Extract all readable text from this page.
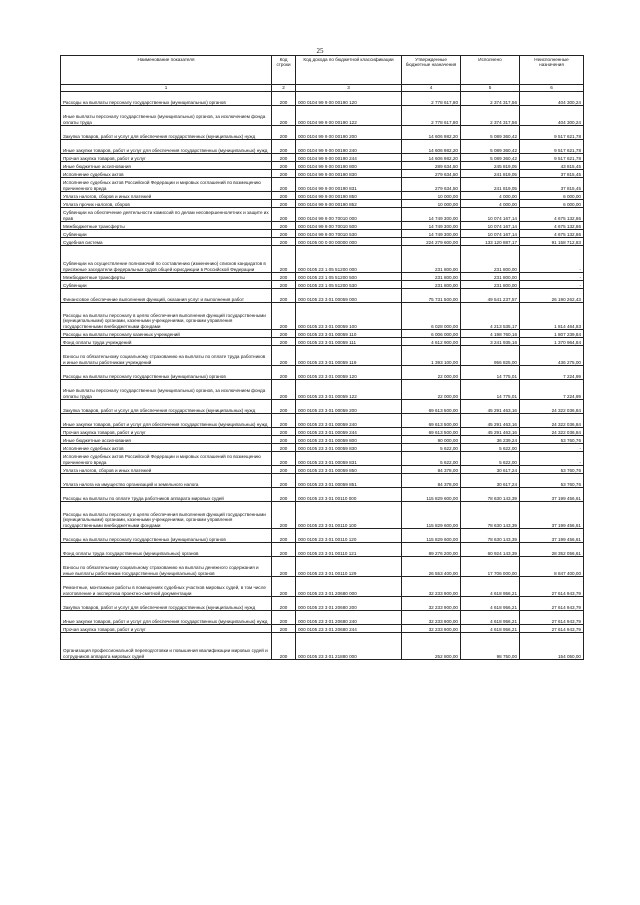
25
Наименование показателя	Код строки	Код дохода по бюджетной классификации	Утвержденные бюджетные назначения	Исполнено	Неисполненные назначения
1	2	3	4	5	6
Расходы на выплаты персоналу государственных (муниципальных) органов	200	000 0104 99 9 00 00190 120	2 778 617,80	2 374 317,56	404 300,24
Иные выплаты персоналу государственных (муниципальных) органов, за исключением фонда оплаты труда	200	000 0104 99 9 00 00190 122	2 778 617,80	2 374 317,56	404 300,24
Закупка товаров, работ и услуг для обеспечения государственных (муниципальных) нужд	200	000 0104 99 9 00 00190 200	14 606 982,20	5 089 360,42	9 517 621,78
Иные закупки товаров, работ и услуг для обеспечения государственных (муниципальных) нужд	200	000 0104 99 9 00 00190 240	14 606 982,20	5 089 360,42	9 517 621,78
Прочая закупка товаров, работ и услуг	200	000 0104 99 9 00 00190 244	14 606 982,20	5 089 360,42	9 517 621,78
Иные бюджетные ассигнования	200	000 0104 99 9 00 00190 800	289 634,50	245 819,05	43 815,45
Исполнение судебных актов	200	000 0104 99 9 00 00190 830	279 634,50	241 819,05	37 815,45
Исполнение судебных актов Российской Федерации и мировых соглашений по возмещению причиненного вреда	200	000 0104 99 9 00 00190 831	279 634,50	241 819,05	37 815,45
Уплата налогов, сборов и иных платежей	200	000 0104 99 9 00 00190 850	10 000,00	4 000,00	6 000,00
Уплата прочих налогов, сборов	200	000 0104 99 9 00 00190 852	10 000,00	4 000,00	6 000,00
Субвенции на обеспечение деятельности комиссий по делам несовершеннолетних и защите их прав	200	000 0104 99 9 00 70010 000	14 749 300,00	10 074 167,14	4 675 132,86
Межбюджетные трансферты	200	000 0104 99 9 00 70010 500	14 749 300,00	10 074 167,14	4 675 132,86
Субвенции	200	000 0104 99 9 00 70010 530	14 749 300,00	10 074 167,14	4 675 132,86
Судебная система	200	000 0105 00 0 00 00000 000	224 279 600,00	133 120 887,17	91 158 712,83
Субвенции на осуществление полномочий по составлению (изменению) списков кандидатов в присяжные заседатели федеральных судов общей юрисдикции в Российской Федерации	200	000 0105 23 1 05 51200 000	231 800,00	231 800,00	-
Межбюджетные трансферты	200	000 0105 23 1 05 51200 500	231 800,00	231 800,00	-
Субвенции	200	000 0105 23 1 05 51200 530	231 800,00	231 800,00	-
Финансовое обеспечение выполнения функций, оказания услуг и выполнения работ	200	000 0105 23 3 01 00059 000	75 731 500,00	49 541 237,57	26 190 262,43
Расходы на выплаты персоналу в целях обеспечения выполнения функций государственными (муниципальными) органами, казенными учреждениями, органами управления государственными внебюджетными фондами	200	000 0105 23 3 01 00059 100	6 028 000,00	4 213 535,17	1 814 464,83
Расходы на выплаты персоналу казенных учреждений	200	000 0105 23 3 01 00059 110	6 006 000,00	4 198 760,16	1 807 239,84
Фонд оплаты труда учреждений	200	000 0105 23 3 01 00059 111	4 612 900,00	3 241 935,16	1 370 964,84
Взносы по обязательному социальному страхованию на выплаты по оплате труда работников и иные выплаты работникам учреждений	200	000 0105 23 3 01 00059 119	1 393 100,00	956 825,00	436 275,00
Расходы на выплаты персоналу государственных (муниципальных) органов	200	000 0105 23 3 01 00059 120	22 000,00	14 775,01	7 224,99
Иные выплаты персоналу государственных (муниципальных) органов, за исключением фонда оплаты труда	200	000 0105 23 3 01 00059 122	22 000,00	14 775,01	7 224,99
Закупка товаров, работ и услуг для обеспечения государственных (муниципальных) нужд	200	000 0105 23 3 01 00059 200	69 613 500,00	45 291 463,16	24 322 036,84
Иные закупки товаров, работ и услуг для обеспечения государственных (муниципальных) нужд	200	000 0105 23 3 01 00059 240	69 613 500,00	45 291 463,16	24 322 036,84
Прочая закупка товаров, работ и услуг	200	000 0105 23 3 01 00059 244	69 613 500,00	45 291 463,16	24 322 036,84
Иные бюджетные ассигнования	200	000 0105 23 3 01 00059 800	90 000,00	36 239,24	53 760,76
Исполнение судебных актов	200	000 0105 23 3 01 00059 830	5 622,00	5 622,00	-
Исполнение судебных актов Российской Федерации и мировых соглашений по возмещению причиненного вреда	200	000 0105 23 3 01 00059 831	5 622,00	5 622,00	-
Уплата налогов, сборов и иных платежей	200	000 0105 23 3 01 00059 850	84 378,00	30 617,24	53 760,76
Уплата налога на имущество организаций и земельного налога	200	000 0105 23 3 01 00059 851	84 378,00	30 617,24	53 760,76
Расходы на выплаты по оплате труда работников аппарата мировых судей	200	000 0105 23 3 01 00110 000	115 829 600,00	78 630 143,39	37 199 456,61
Расходы на выплаты персоналу в целях обеспечения выполнения функций государственными (муниципальными) органами, казенными учреждениями, органами управления государственными внебюджетными фондами	200	000 0105 23 3 01 00110 100	115 829 600,00	78 630 143,39	37 199 456,61
Расходы на выплаты персоналу государственных (муниципальных) органов	200	000 0105 23 3 01 00110 120	115 829 600,00	78 630 143,39	37 199 456,61
Фонд оплаты труда государственных (муниципальных) органов	200	000 0105 23 3 01 00110 121	89 276 200,00	60 924 143,39	28 352 056,61
Взносы по обязательному социальному страхованию на выплаты денежного содержания и иные выплаты работникам государственных (муниципальных) органов	200	000 0105 23 3 01 00110 129	26 553 400,00	17 706 000,00	8 847 400,00
Ремонтные, монтажные работы в помещениях судебных участков мировых судей, в том числе изготовление и экспертиза проектно-сметной документации	200	000 0105 23 3 01 20680 000	32 233 900,00	4 618 956,21	27 614 943,79
Закупка товаров, работ и услуг для обеспечения государственных (муниципальных) нужд	200	000 0105 23 3 01 20680 200	32 233 900,00	4 618 956,21	27 614 943,79
Иные закупки товаров, работ и услуг для обеспечения государственных (муниципальных) нужд	200	000 0105 23 3 01 20680 240	32 233 900,00	4 618 956,21	27 614 943,79
Прочая закупка товаров, работ и услуг	200	000 0105 23 3 01 20680 244	32 233 900,00	4 618 956,21	27 614 943,79
Организация профессиональной переподготовки и повышения квалификации мировых судей и сотрудников аппарата мировых судей	200	000 0105 23 3 01 21880 000	252 800,00	98 750,00	154 050,00
